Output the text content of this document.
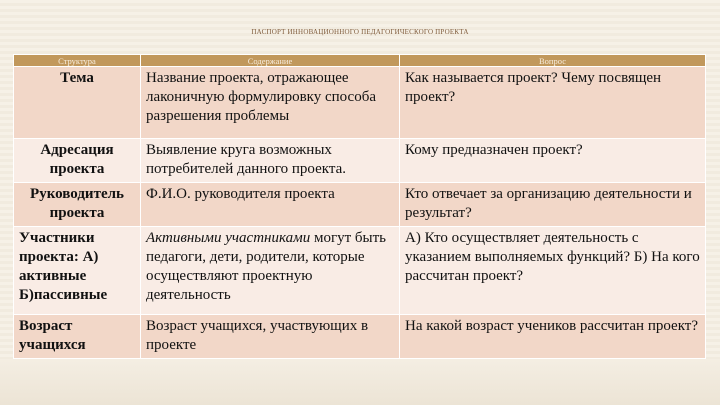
ПАСПОРТ ИННОВАЦИОННОГО ПЕДАГОГИЧЕСКОГО ПРОЕКТА
Структура	Содержание	Вопрос
Тема	Название проекта, отражающее лаконичную формулировку способа разрешения проблемы	Как называется проект? Чему посвящен проект?
Адресация проекта	Выявление круга возможных потребителей данного проекта.	Кому предназначен проект?
Руководитель проекта	Ф.И.О. руководителя проекта	Кто отвечает за организацию деятельности и результат?
Участники проекта: А) активные Б)пассивные	Активными участниками могут быть педагоги, дети, родители, которые осуществляют проектную деятельность	А) Кто осуществляет деятельность с указанием выполняемых функций? Б) На кого рассчитан проект?
Возраст учащихся	Возраст учащихся, участвующих в проекте	На какой возраст учеников рассчитан проект?
